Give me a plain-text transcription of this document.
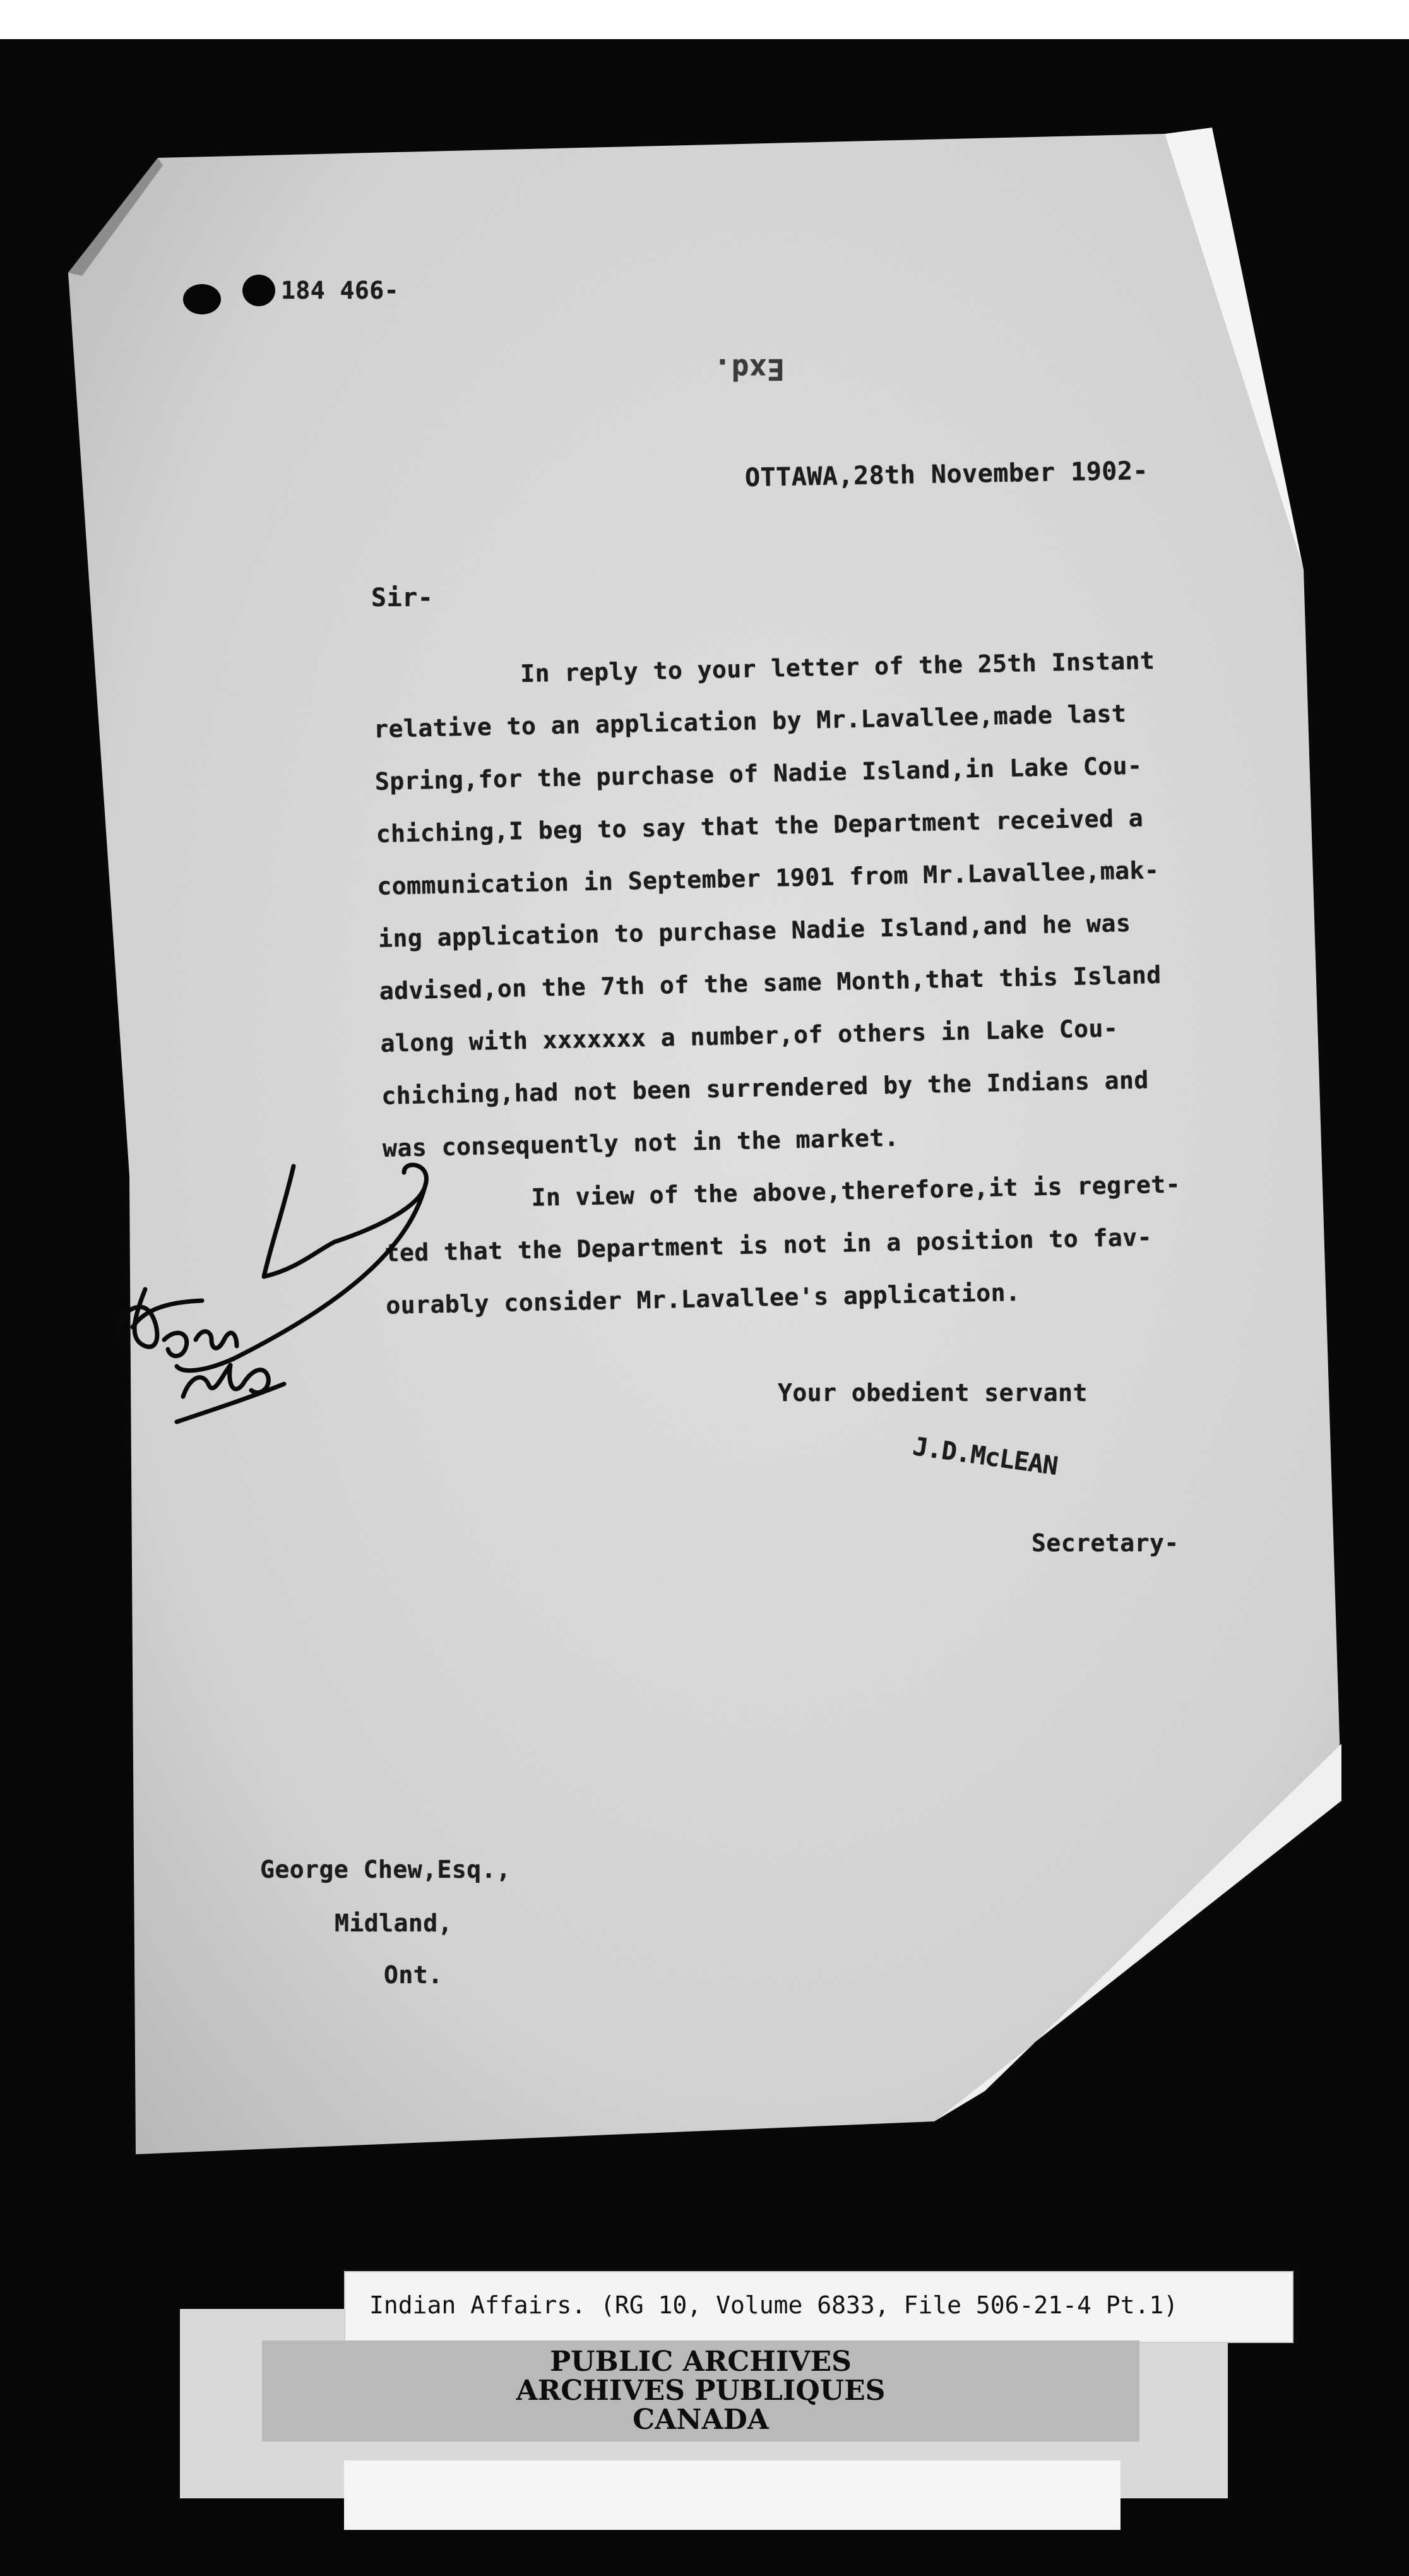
184 466-

Exd.

OTTAWA,28th November 1902-

Sir-

In reply to your letter of the 25th Instant

relative to an application by Mr.Lavallee,made last

Spring,for the purchase of Nadie Island,in Lake Cou-

chiching,I beg to say that the Department received a

communication in September 1901 from Mr.Lavallee,mak-

ing application to purchase Nadie Island,and he was

advised,on the 7th of the same Month,that this Island

along with xxxxxxx a number,of others in Lake Cou-

chiching,had not been surrendered by the Indians and

was consequently not in the market.

In view of the above,therefore,it is regret-

ted that the Department is not in a position to fav-

ourably consider Mr.Lavallee's application.

Your obedient servant

J.D.McLEAN

Secretary-

George Chew,Esq.,

Midland,

Ont.

Indian Affairs. (RG 10, Volume 6833, File 506-21-4 Pt.1)

PUBLIC ARCHIVES

ARCHIVES PUBLIQUES

CANADA
